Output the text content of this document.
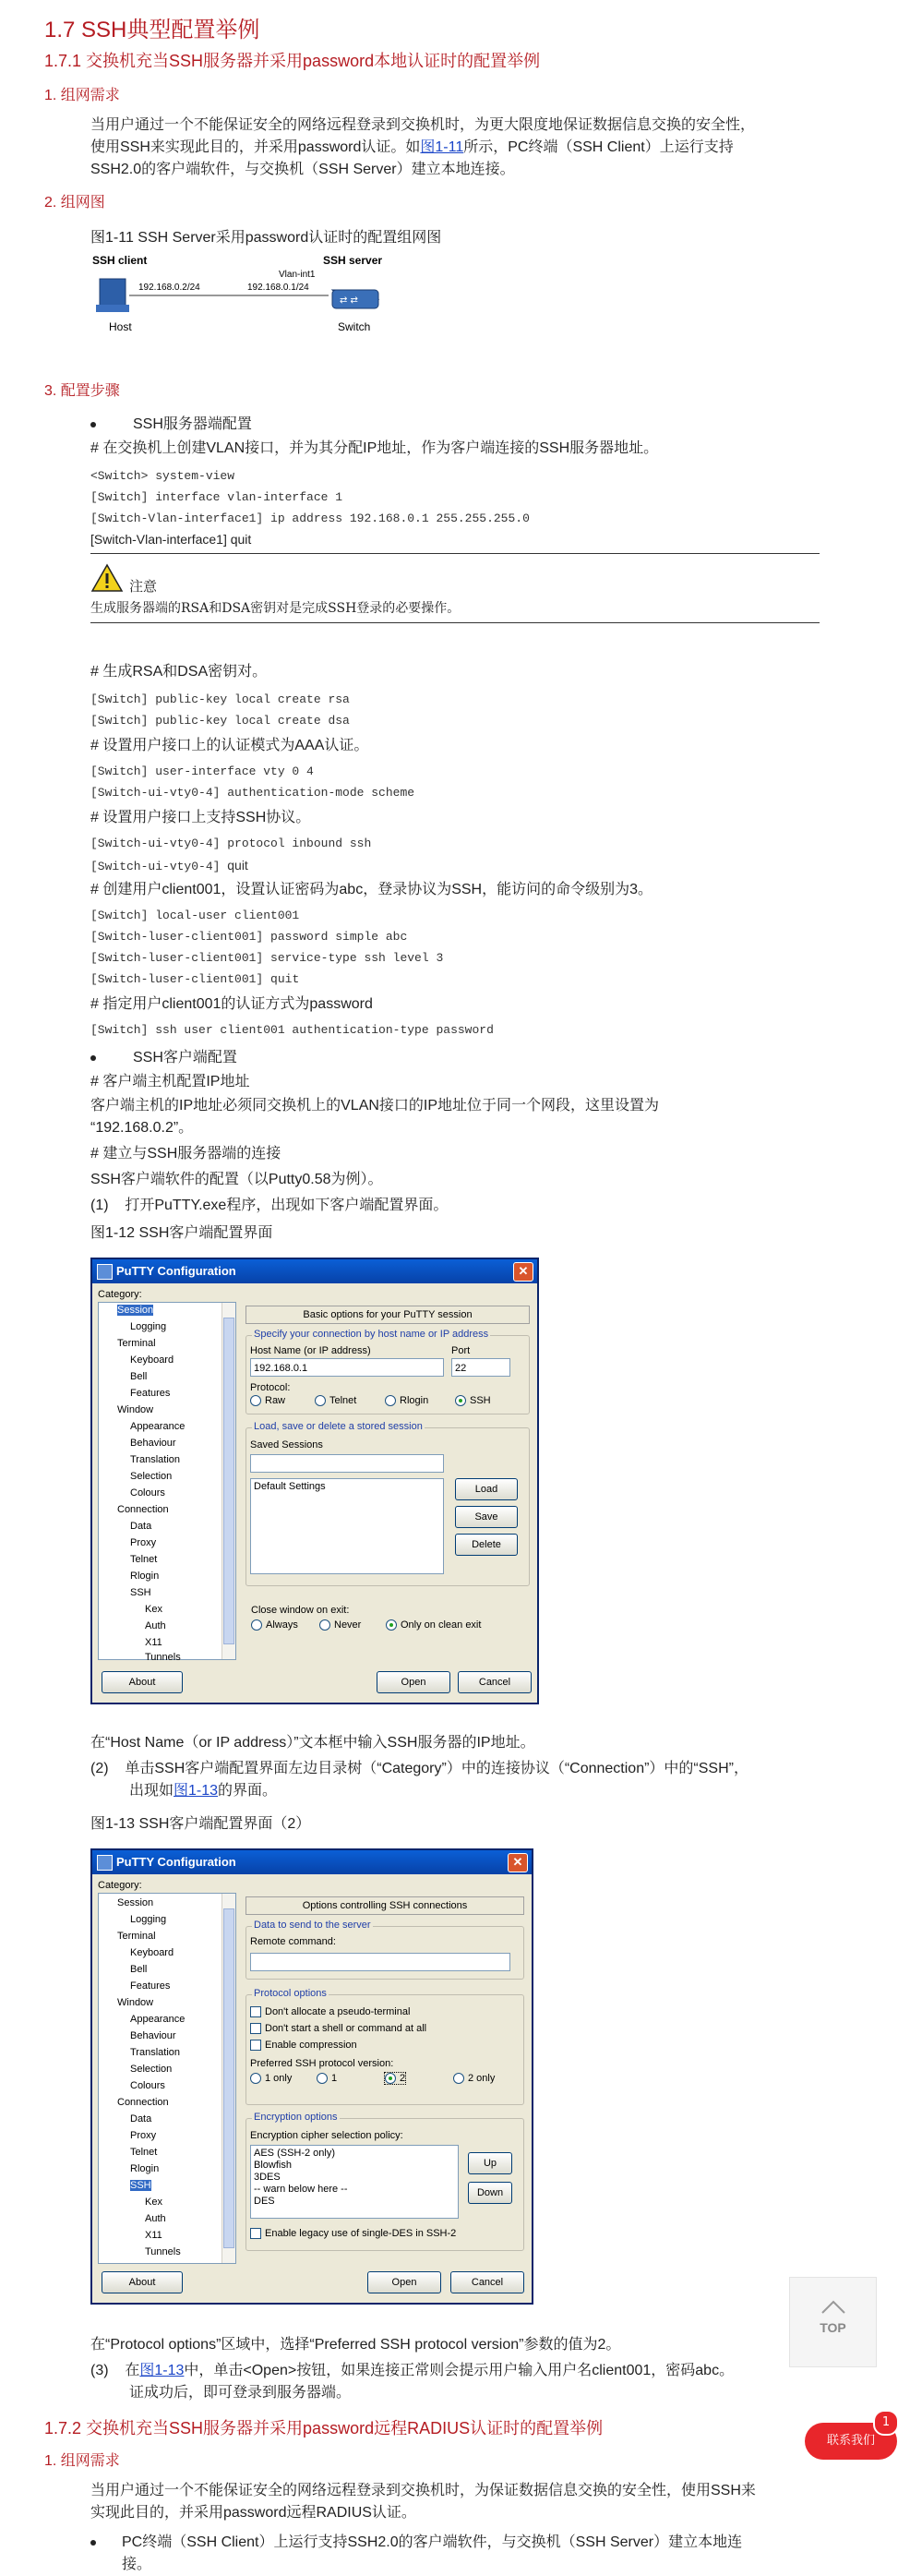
1.7 SSH典型配置举例
1.7.1 交换机充当SSH服务器并采用password本地认证时的配置举例
1. 组网需求
当用户通过一个不能保证安全的网络远程登录到交换机时，为更大限度地保证数据信息交换的安全性，
使用SSH来实现此目的，并采用password认证。如图1-11所示，PC终端（SSH Client）上运行支持
SSH2.0的客户端软件，与交换机（SSH Server）建立本地连接。
2. 组网图
图1-11 SSH Server采用password认证时的配置组网图
SSH client	SSH server
192.168.0.2/24
Vlan-int1
192.168.0.1/24
⇄ ⇄
Host	Switch
3. 配置步骤
SSH服务器端配置
# 在交换机上创建VLAN接口，并为其分配IP地址，作为客户端连接的SSH服务器地址。
<Switch> system-view
[Switch] interface vlan-interface 1
[Switch-Vlan-interface1] ip address 192.168.0.1 255.255.255.0
[Switch-Vlan-interface1] quit
注意
生成服务器端的RSA和DSA密钥对是完成SSH登录的必要操作。
# 生成RSA和DSA密钥对。
[Switch] public-key local create rsa
[Switch] public-key local create dsa
# 设置用户接口上的认证模式为AAA认证。
[Switch] user-interface vty 0 4
[Switch-ui-vty0-4] authentication-mode scheme
# 设置用户接口上支持SSH协议。
[Switch-ui-vty0-4] protocol inbound ssh
[Switch-ui-vty0-4] quit
# 创建用户client001，设置认证密码为abc，登录协议为SSH，能访问的命令级别为3。
[Switch] local-user client001
[Switch-luser-client001] password simple abc
[Switch-luser-client001] service-type ssh level 3
[Switch-luser-client001] quit
# 指定用户client001的认证方式为password
[Switch] ssh user client001 authentication-type password
SSH客户端配置
# 客户端主机配置IP地址
客户端主机的IP地址必须同交换机上的VLAN接口的IP地址位于同一个网段，这里设置为
“192.168.0.2”。
# 建立与SSH服务器端的连接
SSH客户端软件的配置（以Putty0.58为例）。
(1) 打开PuTTY.exe程序，出现如下客户端配置界面。
图1-12 SSH客户端配置界面
PuTTY Configuration	✕
Category:
Session
Logging
Terminal
Keyboard
Bell
Features
Window
Appearance
Behaviour
Translation
Selection
Colours
Connection
Data
Proxy
Telnet
Rlogin
SSH
Kex
Auth
X11
Tunnels
Basic options for your PuTTY session
Specify your connection by host name or IP address
Host Name (or IP address)	Port
192.168.0.1	22
Protocol:
Raw	Telnet	Rlogin	SSH
Load, save or delete a stored session
Saved Sessions
Default Settings	Load
Save
Delete
Close window on exit:
Always	Never	Only on clean exit
About	Open	Cancel
在“Host Name（or IP address）”文本框中输入SSH服务器的IP地址。
(2) 单击SSH客户端配置界面左边目录树（“Category”）中的连接协议（“Connection”）中的“SSH”，
出现如图1-13的界面。
图1-13 SSH客户端配置界面（2）
PuTTY Configuration	✕
Category:
Session
Logging
Terminal
Keyboard
Bell
Features
Window
Appearance
Behaviour
Translation
Selection
Colours
Connection
Data
Proxy
Telnet
Rlogin
SSH
Kex
Auth
X11
Tunnels
Options controlling SSH connections
Data to send to the server
Remote command:
Protocol options
Don't allocate a pseudo-terminal
Don't start a shell or command at all
Enable compression
Preferred SSH protocol version:
1 only	1	2	2 only
Encryption options
Encryption cipher selection policy:
AES (SSH-2 only)
Blowfish
3DES
-- warn below here --
DES
Up
Down
Enable legacy use of single-DES in SSH-2
About	Open	Cancel
在“Protocol options”区域中，选择“Preferred SSH protocol version”参数的值为2。
(3) 在图1-13中，单击<Open>按钮，如果连接正常则会提示用户输入用户名client001，密码abc。
证成功后，即可登录到服务器端。
1.7.2 交换机充当SSH服务器并采用password远程RADIUS认证时的配置举例
1. 组网需求
当用户通过一个不能保证安全的网络远程登录到交换机时，为保证数据信息交换的安全性，使用SSH来
实现此目的，并采用password远程RADIUS认证。
PC终端（SSH Client）上运行支持SSH2.0的客户端软件，与交换机（SSH Server）建立本地连
接。
TOP
联系我们
1
